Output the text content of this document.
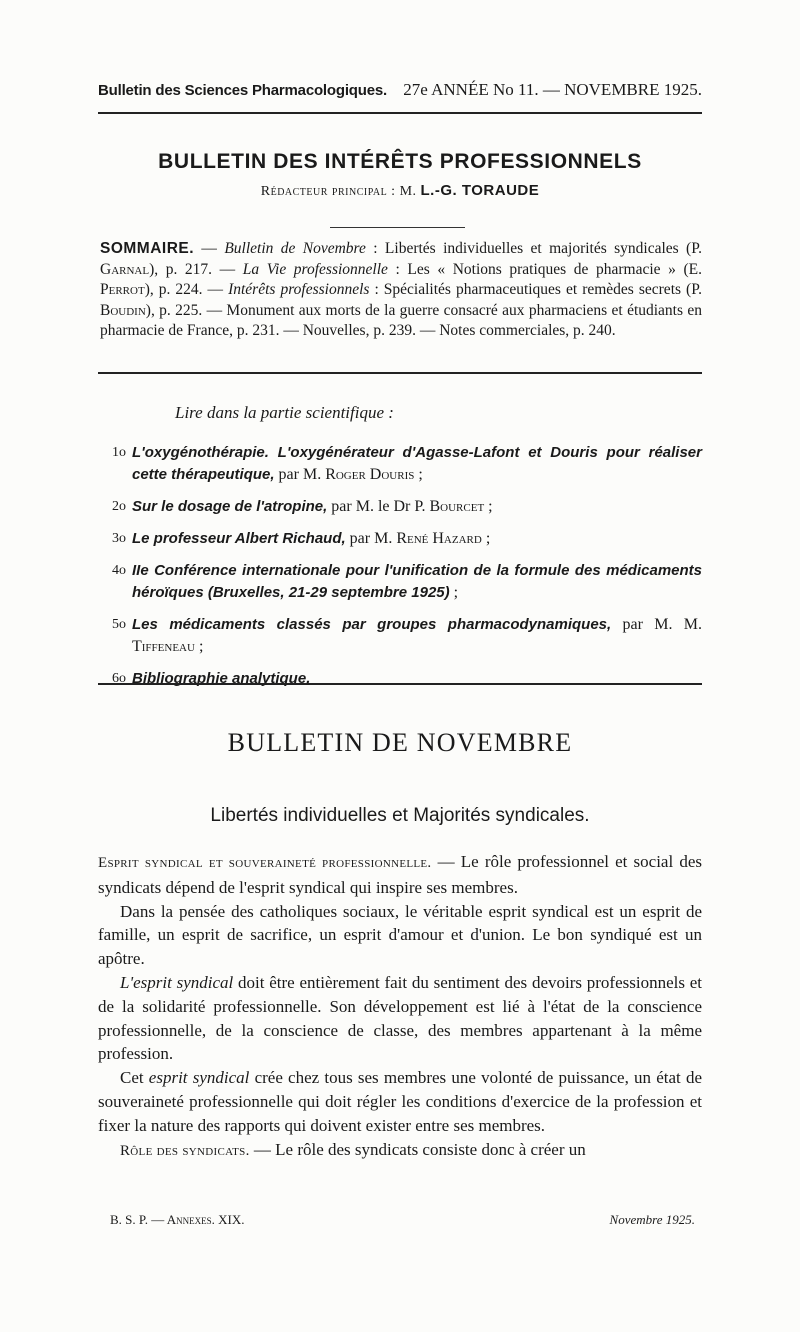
Bulletin des Sciences Pharmacologiques. 27e ANNÉE No 11. — NOVEMBRE 1925.
BULLETIN DES INTÉRÊTS PROFESSIONNELS
Rédacteur principal : M. L.-G. TORAUDE
SOMMAIRE. — Bulletin de Novembre : Libertés individuelles et majorités syndicales (P. Garnal), p. 217. — La Vie professionnelle : Les « Notions pratiques de pharmacie » (E. Perrot), p. 224. — Intérêts professionnels : Spécialités pharmaceutiques et remèdes secrets (P. Boudin), p. 225. — Monument aux morts de la guerre consacré aux pharmaciens et étudiants en pharmacie de France, p. 231. — Nouvelles, p. 239. — Notes commerciales, p. 240.
Lire dans la partie scientifique :
1o L'oxygénothérapie. L'oxygénérateur d'Agasse-Lafont et Douris pour réaliser cette thérapeutique, par M. Roger Douris ;
2o Sur le dosage de l'atropine, par M. le Dr P. Bourcet ;
3o Le professeur Albert Richaud, par M. René Hazard ;
4o IIe Conférence internationale pour l'unification de la formule des médicaments héroïques (Bruxelles, 21-29 septembre 1925) ;
5o Les médicaments classés par groupes pharmacodynamiques, par M. M. Tiffeneau ;
6o Bibliographie analytique.
BULLETIN DE NOVEMBRE
Libertés individuelles et Majorités syndicales.

Esprit syndical et souveraineté professionnelle. — Le rôle professionnel et social des syndicats dépend de l'esprit syndical qui inspire ses membres.

Dans la pensée des catholiques sociaux, le véritable esprit syndical est un esprit de famille, un esprit de sacrifice, un esprit d'amour et d'union. Le bon syndiqué est un apôtre.

L'esprit syndical doit être entièrement fait du sentiment des devoirs professionnels et de la solidarité professionnelle. Son développement est lié à l'état de la conscience professionnelle, de la conscience de classe, des membres appartenant à la même profession.

Cet esprit syndical crée chez tous ses membres une volonté de puissance, un état de souveraineté professionnelle qui doit régler les conditions d'exercice de la profession et fixer la nature des rapports qui doivent exister entre ses membres.

Rôle des syndicats. — Le rôle des syndicats consiste donc à créer un

B. S. P. — Annexes. XIX.	Novembre 1925.
